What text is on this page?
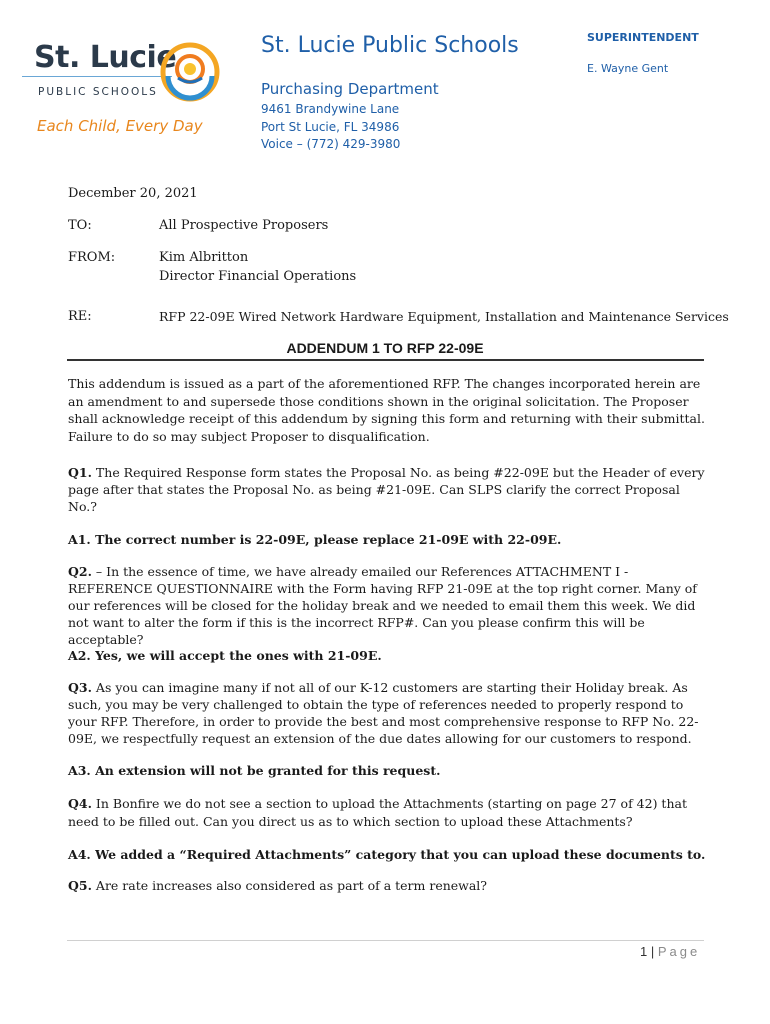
St. Lucie
PUBLIC SCHOOLS
Each Child, Every Day
St. Lucie Public Schools
Purchasing Department
9461 Brandywine Lane
Port St Lucie, FL 34986
Voice – (772) 429-3980
SUPERINTENDENT
E. Wayne Gent
December 20, 2021
TO:	All Prospective Proposers
FROM:	Kim Albritton
Director Financial Operations
RE:	RFP 22-09E Wired Network Hardware Equipment, Installation and Maintenance Services
ADDENDUM 1 TO RFP 22-09E
This addendum is issued as a part of the aforementioned RFP. The changes incorporated herein are an amendment to and supersede those conditions shown in the original solicitation. The Proposer shall acknowledge receipt of this addendum by signing this form and returning with their submittal. Failure to do so may subject Proposer to disqualification.
Q1. The Required Response form states the Proposal No. as being #22-09E but the Header of every page after that states the Proposal No. as being #21-09E. Can SLPS clarify the correct Proposal No.?
A1. The correct number is 22-09E, please replace 21-09E with 22-09E.
Q2. – In the essence of time, we have already emailed our References ATTACHMENT I - REFERENCE QUESTIONNAIRE with the Form having RFP 21-09E at the top right corner. Many of our references will be closed for the holiday break and we needed to email them this week. We did not want to alter the form if this is the incorrect RFP#. Can you please confirm this will be acceptable?
A2. Yes, we will accept the ones with 21-09E.
Q3. As you can imagine many if not all of our K-12 customers are starting their Holiday break. As such, you may be very challenged to obtain the type of references needed to properly respond to your RFP. Therefore, in order to provide the best and most comprehensive response to RFP No. 22-09E, we respectfully request an extension of the due dates allowing for our customers to respond.
A3. An extension will not be granted for this request.
Q4. In Bonfire we do not see a section to upload the Attachments (starting on page 27 of 42) that need to be filled out. Can you direct us as to which section to upload these Attachments?
A4. We added a “Required Attachments” category that you can upload these documents to.
Q5. Are rate increases also considered as part of a term renewal?
1 | Page
